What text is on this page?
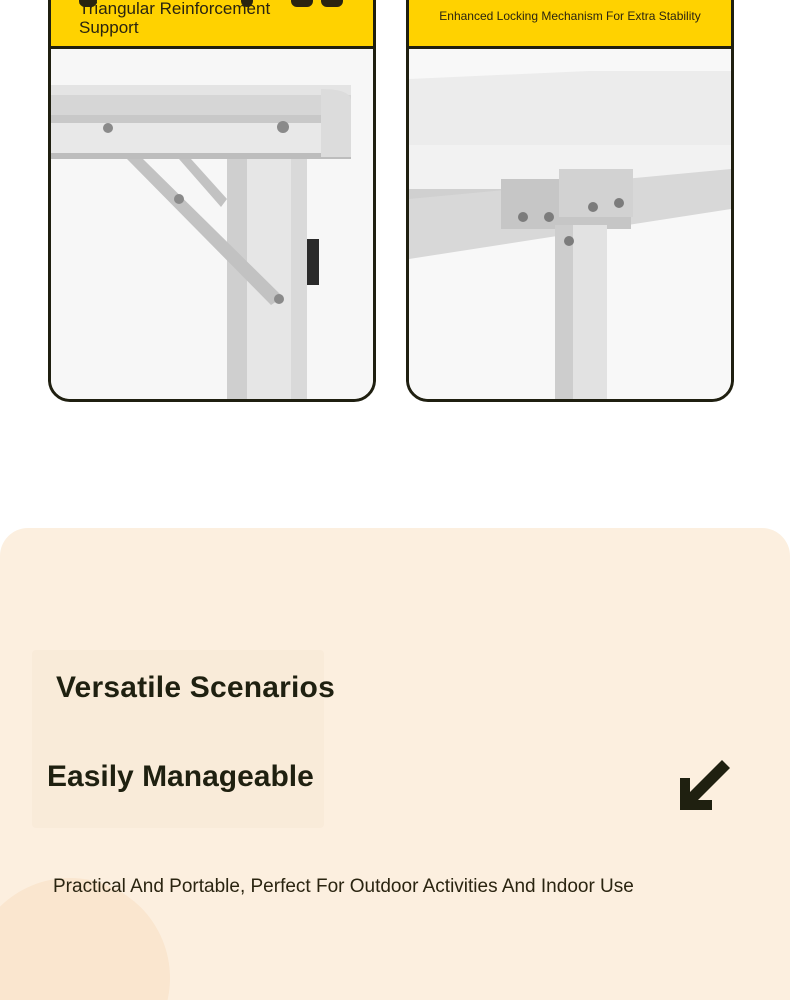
Triangular Reinforcement Support
Enhanced Locking Mechanism For Extra Stability
Versatile Scenarios
Easily Manageable
Practical And Portable, Perfect For Outdoor Activities And Indoor Use
